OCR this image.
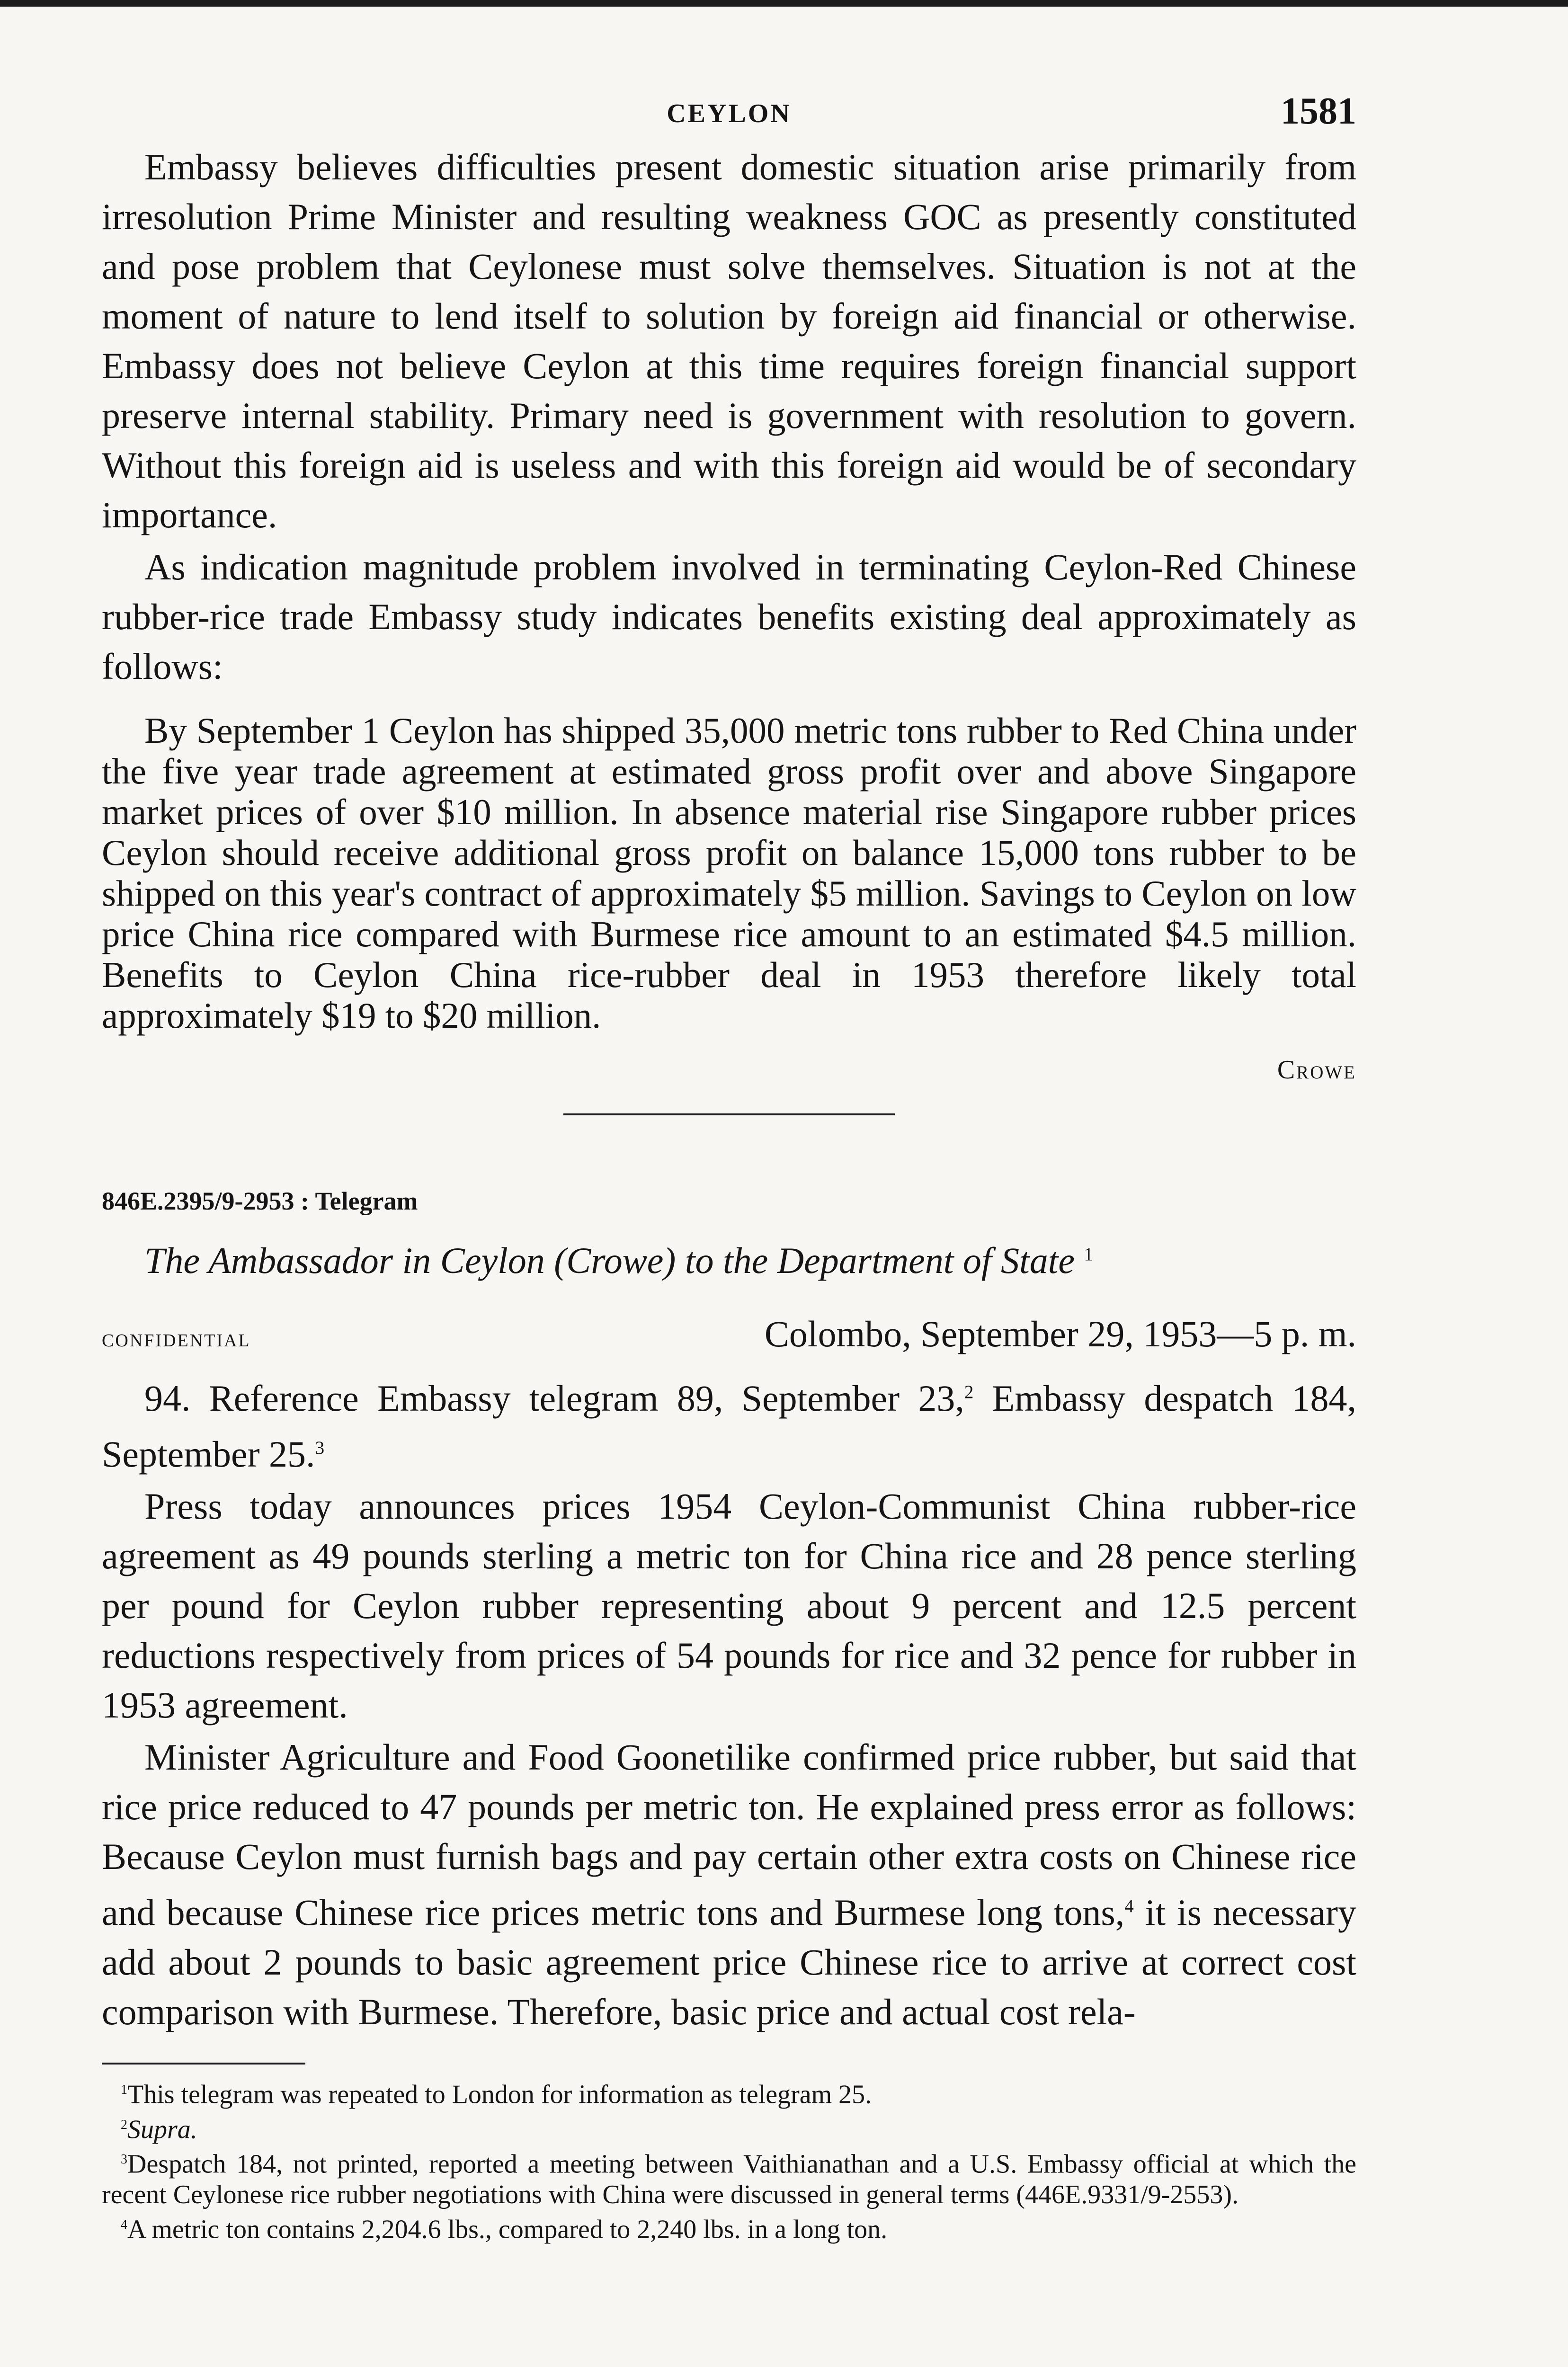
CEYLON	1581

Embassy believes difficulties present domestic situation arise primarily from irresolution Prime Minister and resulting weakness GOC as presently constituted and pose problem that Ceylonese must solve themselves. Situation is not at the moment of nature to lend itself to solution by foreign aid financial or otherwise. Embassy does not believe Ceylon at this time requires foreign financial support preserve internal stability. Primary need is government with resolution to govern. Without this foreign aid is useless and with this foreign aid would be of secondary importance.

As indication magnitude problem involved in terminating Ceylon-Red Chinese rubber-rice trade Embassy study indicates benefits existing deal approximately as follows:

By September 1 Ceylon has shipped 35,000 metric tons rubber to Red China under the five year trade agreement at estimated gross profit over and above Singapore market prices of over $10 million. In absence material rise Singapore rubber prices Ceylon should receive additional gross profit on balance 15,000 tons rubber to be shipped on this year's contract of approximately $5 million. Savings to Ceylon on low price China rice compared with Burmese rice amount to an estimated $4.5 million. Benefits to Ceylon China rice-rubber deal in 1953 therefore likely total approximately $19 to $20 million.

Crowe
846E.2395/9-2953 : Telegram
The Ambassador in Ceylon (Crowe) to the Department of State $^1$
confidential	Colombo, September 29, 1953—5 p. m.

94. Reference Embassy telegram 89, September 23,$^2$ Embassy despatch 184, September 25.$^3$

Press today announces prices 1954 Ceylon-Communist China rubber-rice agreement as 49 pounds sterling a metric ton for China rice and 28 pence sterling per pound for Ceylon rubber representing about 9 percent and 12.5 percent reductions respectively from prices of 54 pounds for rice and 32 pence for rubber in 1953 agreement.

Minister Agriculture and Food Goonetilike confirmed price rubber, but said that rice price reduced to 47 pounds per metric ton. He explained press error as follows: Because Ceylon must furnish bags and pay certain other extra costs on Chinese rice and because Chinese rice prices metric tons and Burmese long tons,$^4$ it is necessary add about 2 pounds to basic agreement price Chinese rice to arrive at correct cost comparison with Burmese. Therefore, basic price and actual cost rela-

$^1$This telegram was repeated to London for information as telegram 25.

$^2$Supra.

$^3$Despatch 184, not printed, reported a meeting between Vaithianathan and a U.S. Embassy official at which the recent Ceylonese rice rubber negotiations with China were discussed in general terms (446E.9331/9-2553).

$^4$A metric ton contains 2,204.6 lbs., compared to 2,240 lbs. in a long ton.
